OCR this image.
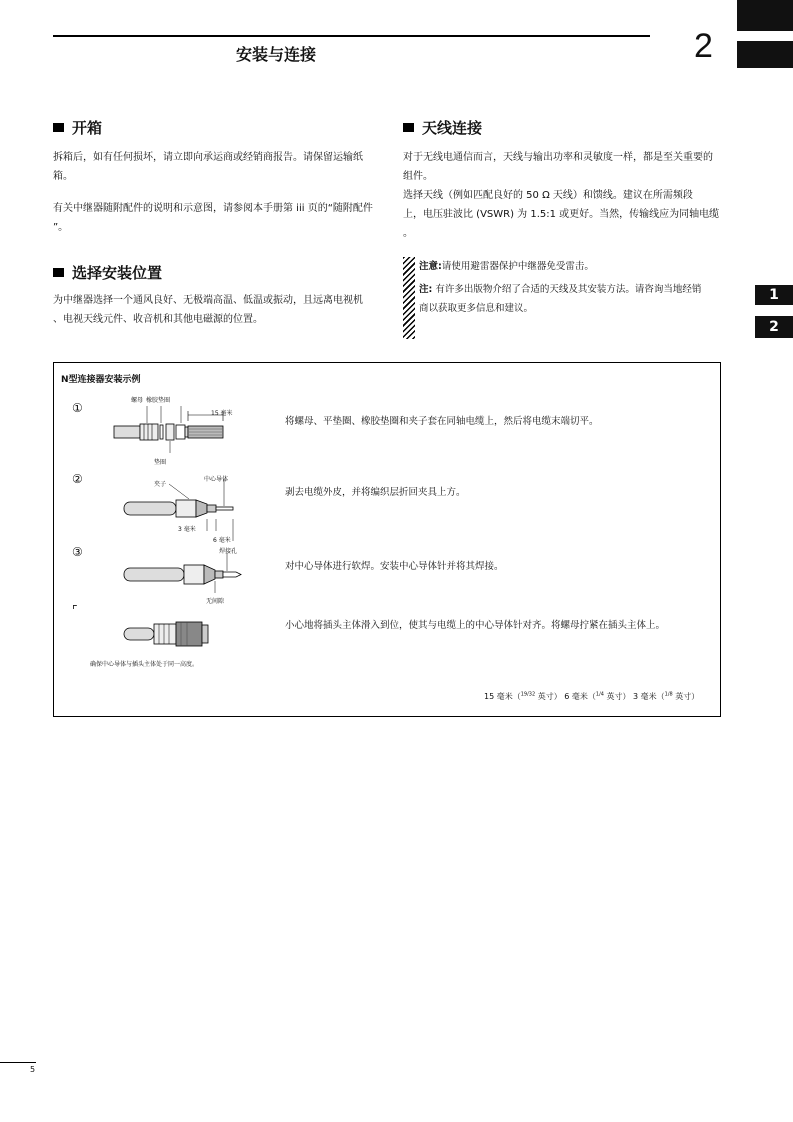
安装与连接	2
1
2
开箱
拆箱后，如有任何损坏，请立即向承运商或经销商报告。请保留运输纸
箱。
有关中继器随附配件的说明和示意图，请参阅本手册第 iii 页的“随附配件
”。
选择安装位置
为中继器选择一个通风良好、无极端高温、低温或振动，且远离电视机
、电视天线元件、收音机和其他电磁源的位置。
天线连接
对于无线电通信而言，天线与输出功率和灵敏度一样，都是至关重要的
组件。
选择天线（例如匹配良好的 50 Ω 天线）和馈线。建议在所需频段
上，电压驻波比 (VSWR) 为 1.5:1 或更好。当然，传输线应为同轴电缆
。
注意:请使用避雷器保护中继器免受雷击。
注: 有许多出版物介绍了合适的天线及其安装方法。请咨询当地经销
商以获取更多信息和建议。
N型连接器安装示例
①
螺母 橡胶垫圈
15 毫米
垫圈
将螺母、平垫圈、橡胶垫圈和夹子套在同轴电缆上，然后将电缆末端切平。
②	夹子
中心导体
3 毫米
6 毫米
剥去电缆外皮，并将编织层折回夹具上方。
③	焊接孔
无间隙
对中心导体进行软焊。安装中心导体针并将其焊接。
⌜
确保中心导体与插头主体处于同一高度。
小心地将插头主体滑入到位，使其与电缆上的中心导体针对齐。将螺母拧紧在插头主体上。
15 毫米（$^{19/32}$ 英寸） 6 毫米（$^{1/4}$ 英寸） 3 毫米（$^{1/8}$ 英寸）
5
